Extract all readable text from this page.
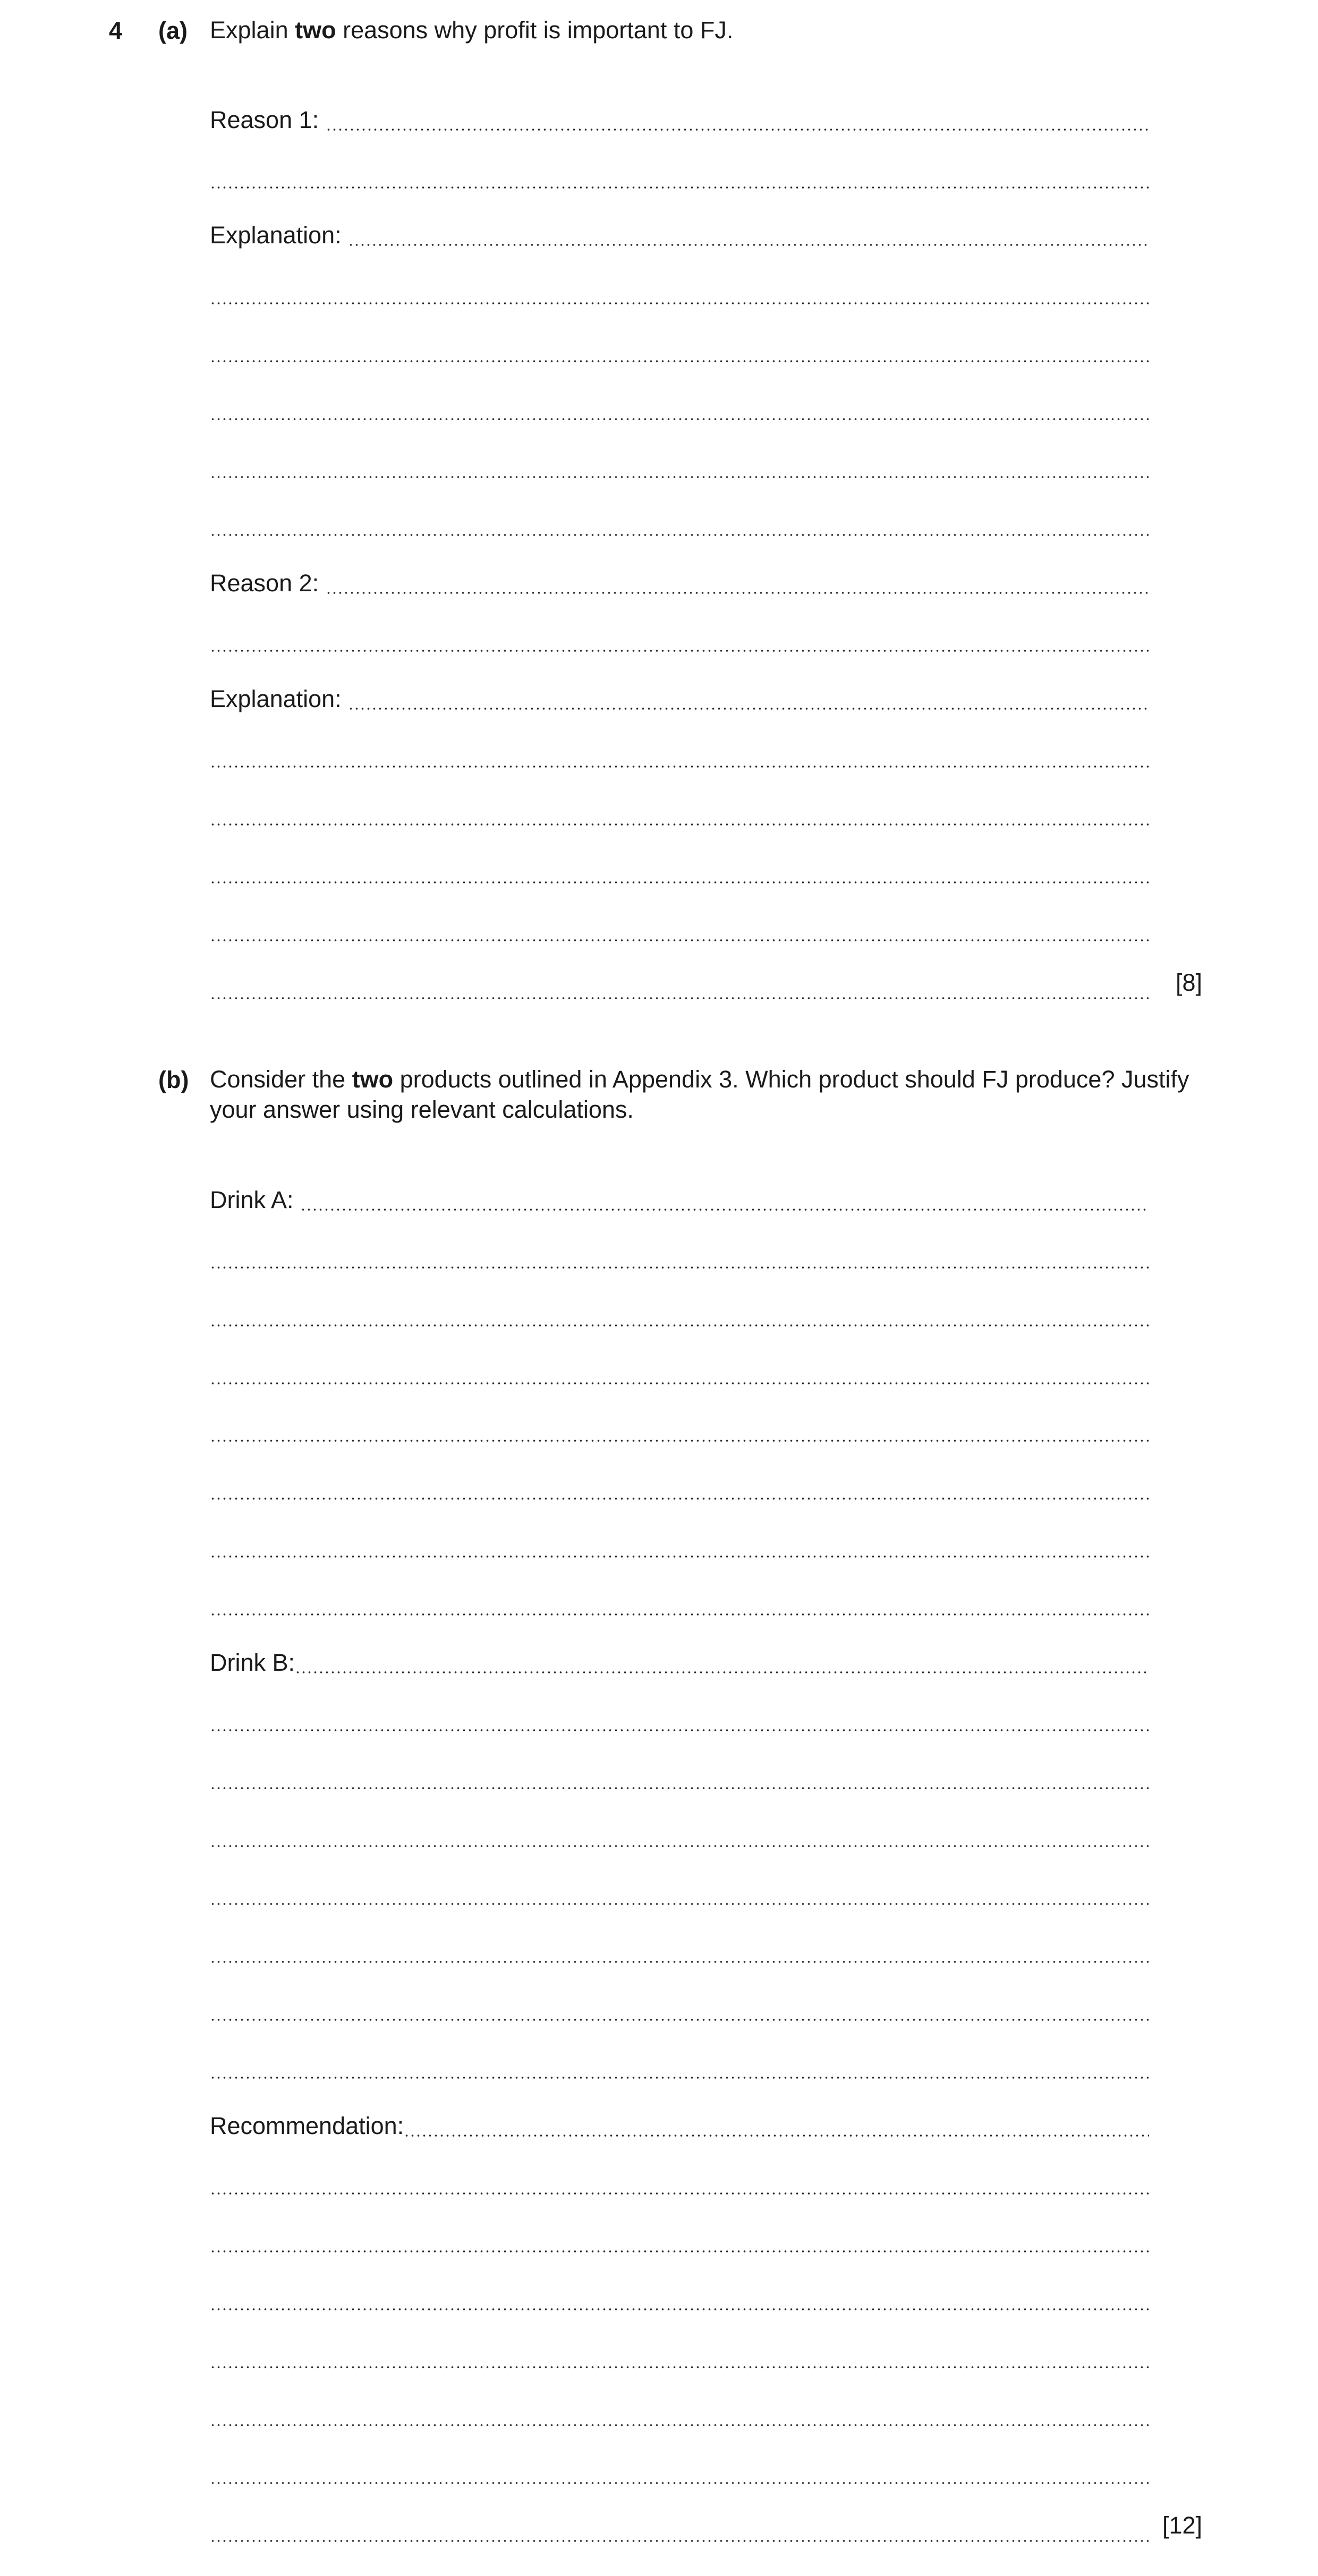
4 (a) Explain two reasons why profit is important to FJ.
Reason 1:
Explanation:
Reason 2:
Explanation:
[8]
(b) Consider the two products outlined in Appendix 3. Which product should FJ produce? Justify
your answer using relevant calculations.
Drink A:
Drink B:
Recommendation:
[12]
